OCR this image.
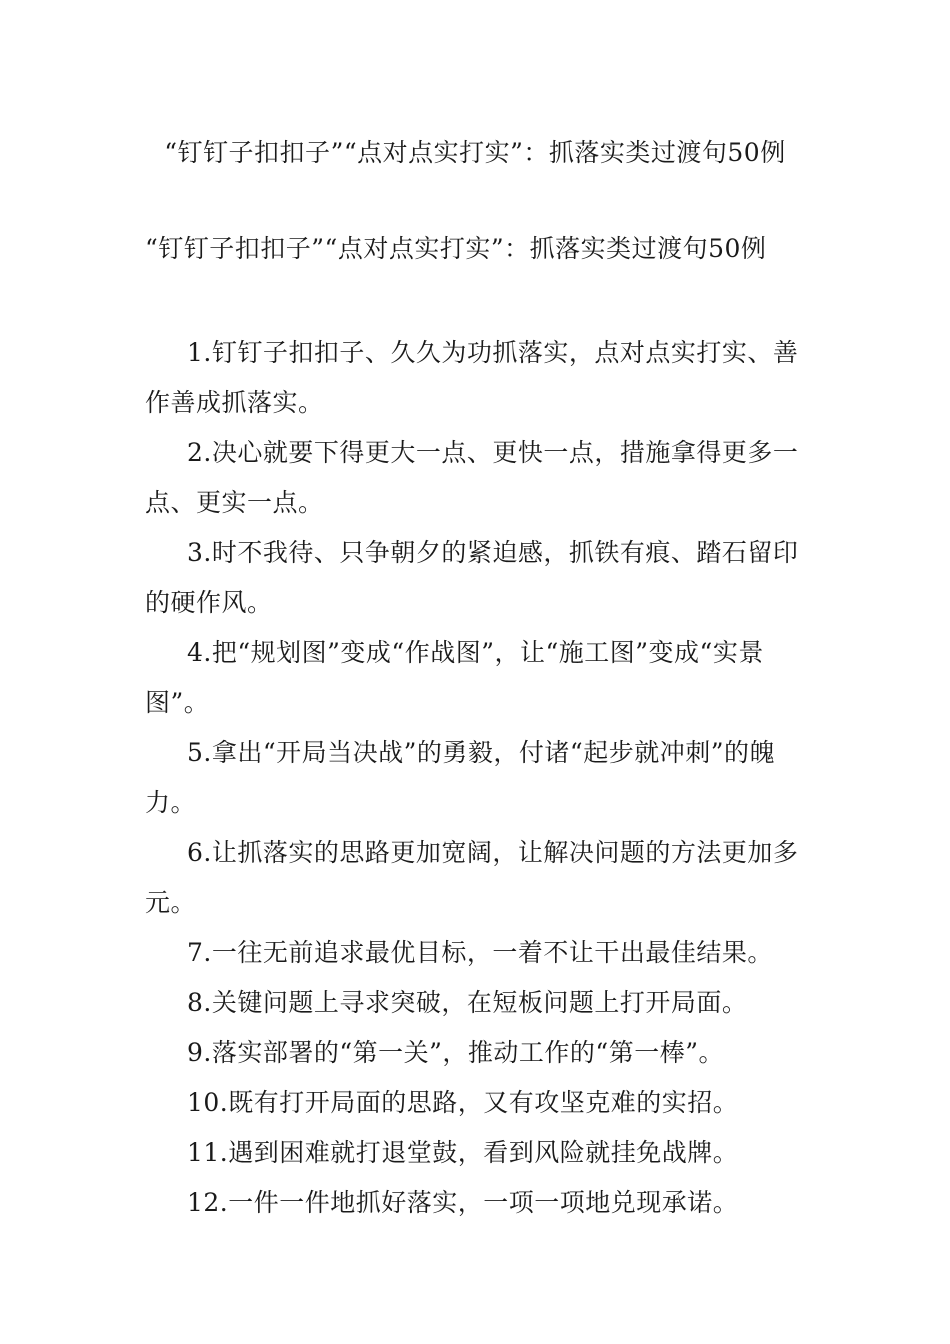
“钉钉子扣扣子”“点对点实打实”：抓落实类过渡句50例

“钉钉子扣扣子”“点对点实打实”：抓落实类过渡句50例

1.钉钉子扣扣子、久久为功抓落实，点对点实打实、善作善成抓落实。
2.决心就要下得更大一点、更快一点，措施拿得更多一点、更实一点。
3.时不我待、只争朝夕的紧迫感，抓铁有痕、踏石留印的硬作风。
4.把“规划图”变成“作战图”，让“施工图”变成“实景图”。
5.拿出“开局当决战”的勇毅，付诸“起步就冲刺”的魄力。
6.让抓落实的思路更加宽阔，让解决问题的方法更加多元。
7.一往无前追求最优目标，一着不让干出最佳结果。
8.关键问题上寻求突破，在短板问题上打开局面。
9.落实部署的“第一关”，推动工作的“第一棒”。
10.既有打开局面的思路，又有攻坚克难的实招。
11.遇到困难就打退堂鼓，看到风险就挂免战牌。
12.一件一件地抓好落实，一项一项地兑现承诺。
